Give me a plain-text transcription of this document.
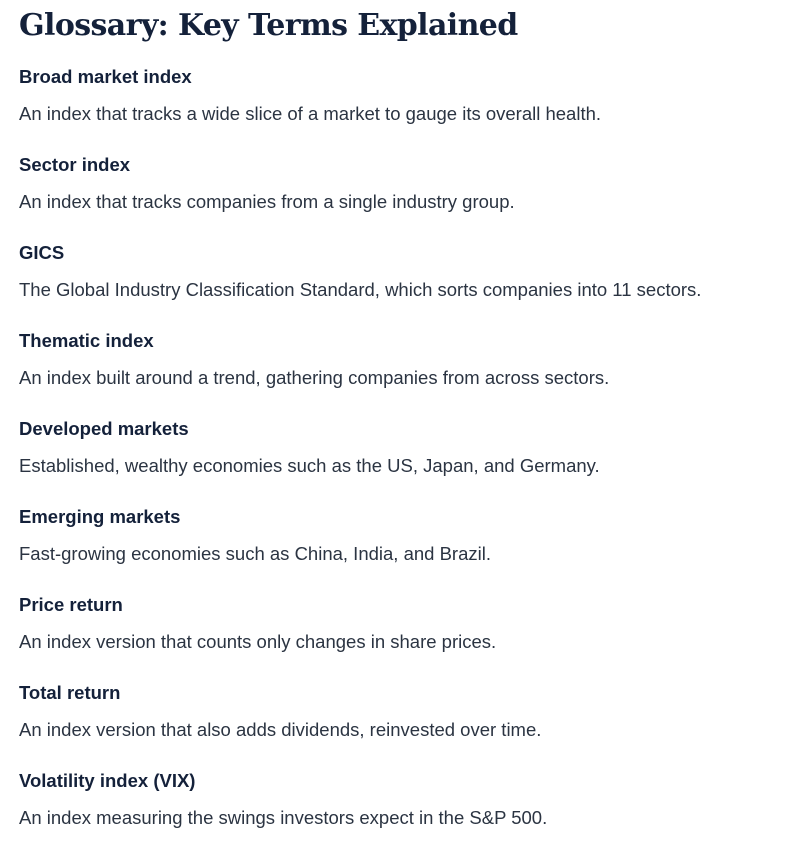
Glossary: Key Terms Explained
Broad market index
An index that tracks a wide slice of a market to gauge its overall health.
Sector index
An index that tracks companies from a single industry group.
GICS
The Global Industry Classification Standard, which sorts companies into 11 sectors.
Thematic index
An index built around a trend, gathering companies from across sectors.
Developed markets
Established, wealthy economies such as the US, Japan, and Germany.
Emerging markets
Fast-growing economies such as China, India, and Brazil.
Price return
An index version that counts only changes in share prices.
Total return
An index version that also adds dividends, reinvested over time.
Volatility index (VIX)
An index measuring the swings investors expect in the S&P 500.
